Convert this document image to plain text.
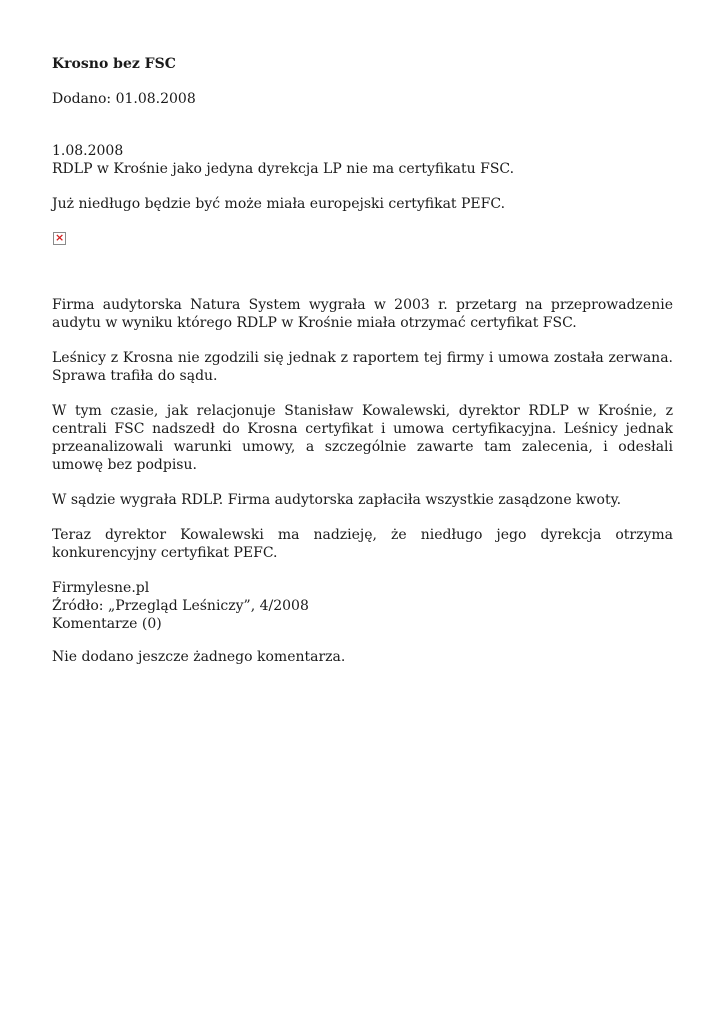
Krosno bez FSC
Dodano: 01.08.2008
1.08.2008
RDLP w Krośnie jako jedyna dyrekcja LP nie ma certyfikatu FSC.
Już niedługo będzie być może miała europejski certyfikat PEFC.
×
Firma audytorska Natura System wygrała w 2003 r. przetarg na przeprowadzenie audytu w wyniku którego RDLP w Krośnie miała otrzymać certyfikat FSC.
Leśnicy z Krosna nie zgodzili się jednak z raportem tej firmy i umowa została zerwana. Sprawa trafiła do sądu.
W tym czasie, jak relacjonuje Stanisław Kowalewski, dyrektor RDLP w Krośnie, z centrali FSC nadszedł do Krosna certyfikat i umowa certyfikacyjna. Leśnicy jednak przeanalizowali warunki umowy, a szczególnie zawarte tam zalecenia, i odesłali umowę bez podpisu.
W sądzie wygrała RDLP. Firma audytorska zapłaciła wszystkie zasądzone kwoty.
Teraz dyrektor Kowalewski ma nadzieję, że niedługo jego dyrekcja otrzyma konkurencyjny certyfikat PEFC.
Firmylesne.pl
Źródło: „Przegląd Leśniczy”, 4/2008
Komentarze (0)
Nie dodano jeszcze żadnego komentarza.
